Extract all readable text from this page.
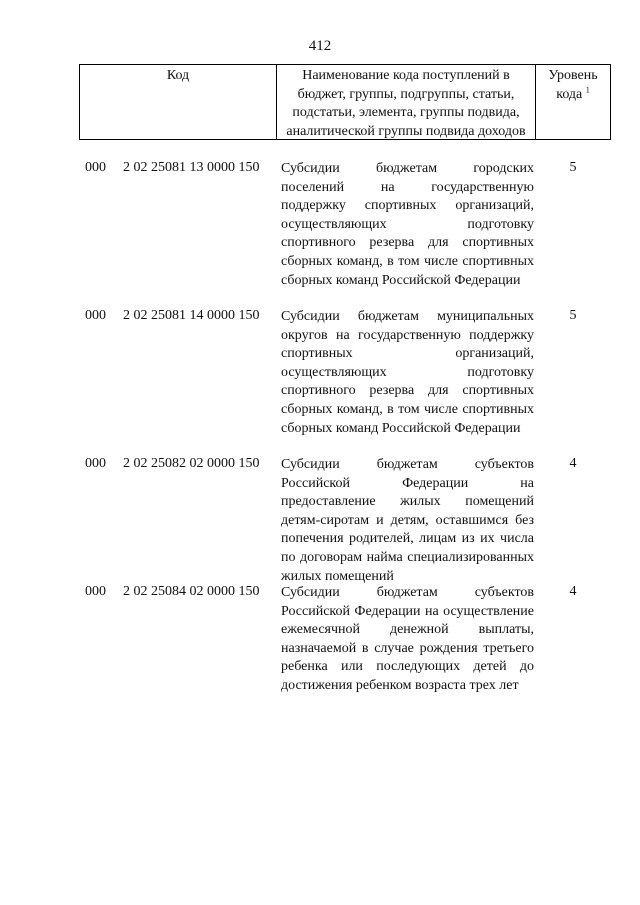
412
Код	Наименование кода поступлений в бюджет, группы, подгруппы, статьи, подстатьи, элемента, группы подвида, аналитической группы подвида доходов
Уровень кода $^1$
000 2 02 25081 13 0000 150 Субсидии бюджетам городских поселений на государственную поддержку спортивных организаций, осуществляющих подготовку спортивного резерва для спортивных сборных команд, в том числе спортивных сборных команд Российской Федерации
5
000 2 02 25081 14 0000 150 Субсидии бюджетам муниципальных округов на государственную поддержку спортивных организаций, осуществляющих подготовку спортивного резерва для спортивных сборных команд, в том числе спортивных сборных команд Российской Федерации
5
000 2 02 25082 02 0000 150 Субсидии бюджетам субъектов Российской Федерации на предоставление жилых помещений детям-сиротам и детям, оставшимся без попечения родителей, лицам из их числа по договорам найма специализированных жилых помещений
4
000 2 02 25084 02 0000 150 Субсидии бюджетам субъектов Российской Федерации на осуществление ежемесячной денежной выплаты, назначаемой в случае рождения третьего ребенка или последующих детей до достижения ребенком возраста трех лет
4
